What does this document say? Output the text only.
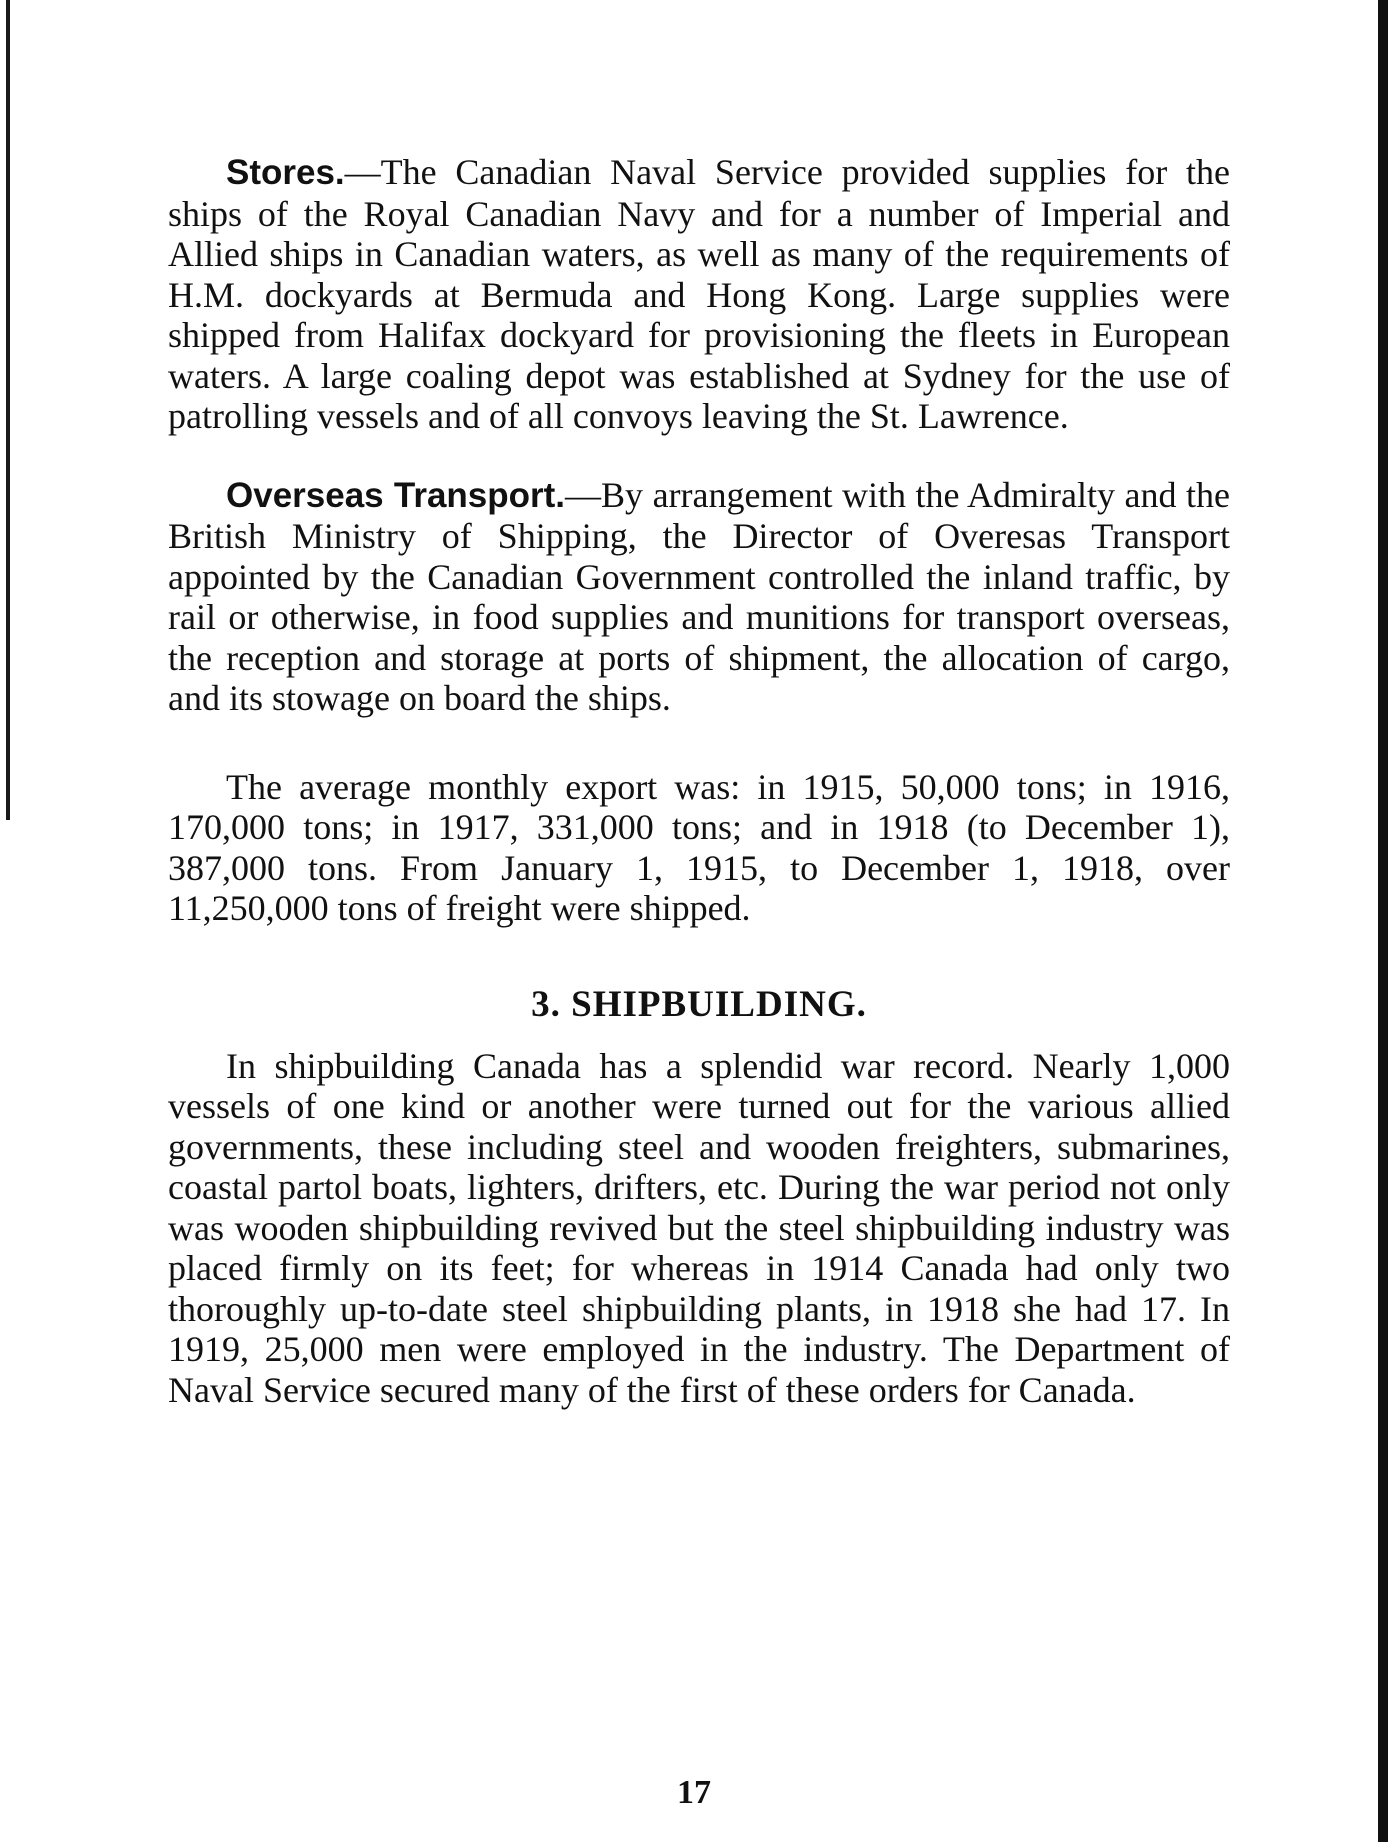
Stores.—The Canadian Naval Service provided supplies for the ships of the Royal Canadian Navy and for a number of Imperial and Allied ships in Canadian waters, as well as many of the requirements of H.M. dockyards at Bermuda and Hong Kong. Large supplies were shipped from Halifax dockyard for provisioning the fleets in European waters. A large coaling depot was established at Sydney for the use of patrolling vessels and of all convoys leaving the St. Lawrence.

Overseas Transport.—By arrangement with the Admiralty and the British Ministry of Shipping, the Director of Overesas Transport appointed by the Canadian Government controlled the inland traffic, by rail or otherwise, in food supplies and munitions for transport overseas, the reception and storage at ports of shipment, the allocation of cargo, and its stowage on board the ships.

The average monthly export was: in 1915, 50,000 tons; in 1916, 170,000 tons; in 1917, 331,000 tons; and in 1918 (to December 1), 387,000 tons. From January 1, 1915, to December 1, 1918, over 11,250,000 tons of freight were shipped.

3. SHIPBUILDING.

In shipbuilding Canada has a splendid war record. Nearly 1,000 vessels of one kind or another were turned out for the various allied governments, these including steel and wooden freighters, submarines, coastal partol boats, lighters, drifters, etc. During the war period not only was wooden shipbuilding revived but the steel shipbuilding industry was placed firmly on its feet; for whereas in 1914 Canada had only two thoroughly up-to-date steel shipbuilding plants, in 1918 she had 17. In 1919, 25,000 men were employed in the industry. The Department of Naval Service secured many of the first of these orders for Canada.

17
